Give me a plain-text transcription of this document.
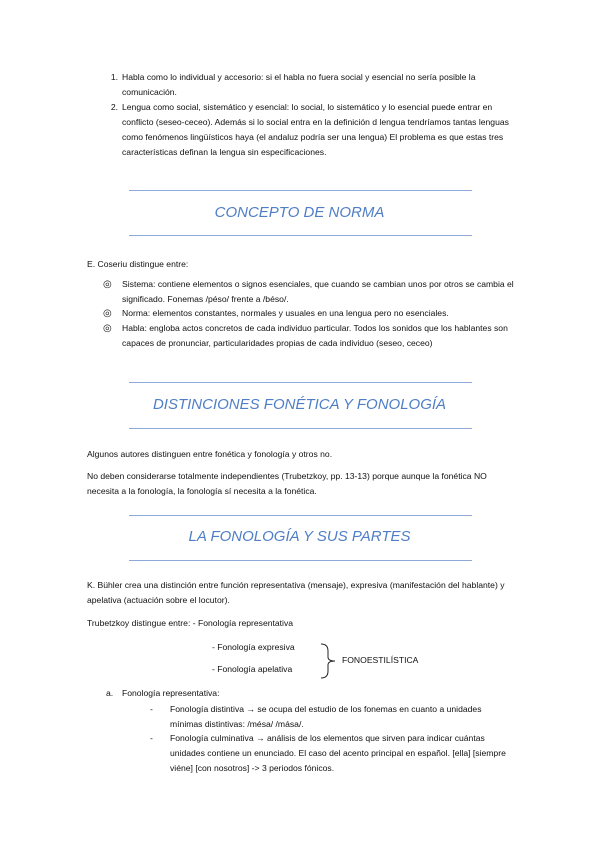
1. Habla como lo individual y accesorio: si el habla no fuera social y esencial no sería posible la comunicación.
2. Lengua como social, sistemático y esencial: lo social, lo sistemático y lo esencial puede entrar en conflicto (seseo-ceceo). Además si lo social entra en la definición d lengua tendríamos tantas lenguas como fenómenos lingüísticos haya (el andaluz podría ser una lengua) El problema es que estas tres características definan la lengua sin especificaciones.
CONCEPTO DE NORMA
E. Coseriu distingue entre:
◎ Sistema: contiene elementos o signos esenciales, que cuando se cambian unos por otros se cambia el significado. Fonemas /péso/ frente a /béso/.
◎ Norma: elementos constantes, normales y usuales en una lengua pero no esenciales.
◎ Habla: engloba actos concretos de cada individuo particular. Todos los sonidos que los hablantes son capaces de pronunciar, particularidades propias de cada individuo (seseo, ceceo)
DISTINCIONES FONÉTICA Y FONOLOGÍA
Algunos autores distinguen entre fonética y fonología y otros no.
No deben considerarse totalmente independientes (Trubetzkoy, pp. 13-13) porque aunque la fonética NO necesita a la fonología, la fonología sí necesita a la fonética.
LA FONOLOGÍA Y SUS PARTES
K. Bühler crea una distinción entre función representativa (mensaje), expresiva (manifestación del hablante) y apelativa (actuación sobre el locutor).
Trubetzkoy distingue entre: - Fonología representativa
- Fonología expresiva
- Fonología apelativa
FONOESTILÍSTICA
a. Fonología representativa:
- Fonología distintiva → se ocupa del estudio de los fonemas en cuanto a unidades mínimas distintivas: /mésa/ /mása/.
- Fonología culminativa → análisis de los elementos que sirven para indicar cuántas unidades contiene un enunciado. El caso del acento principal en español. [ella] [siempre viéne] [con nosotros] -> 3 periodos fónicos.
